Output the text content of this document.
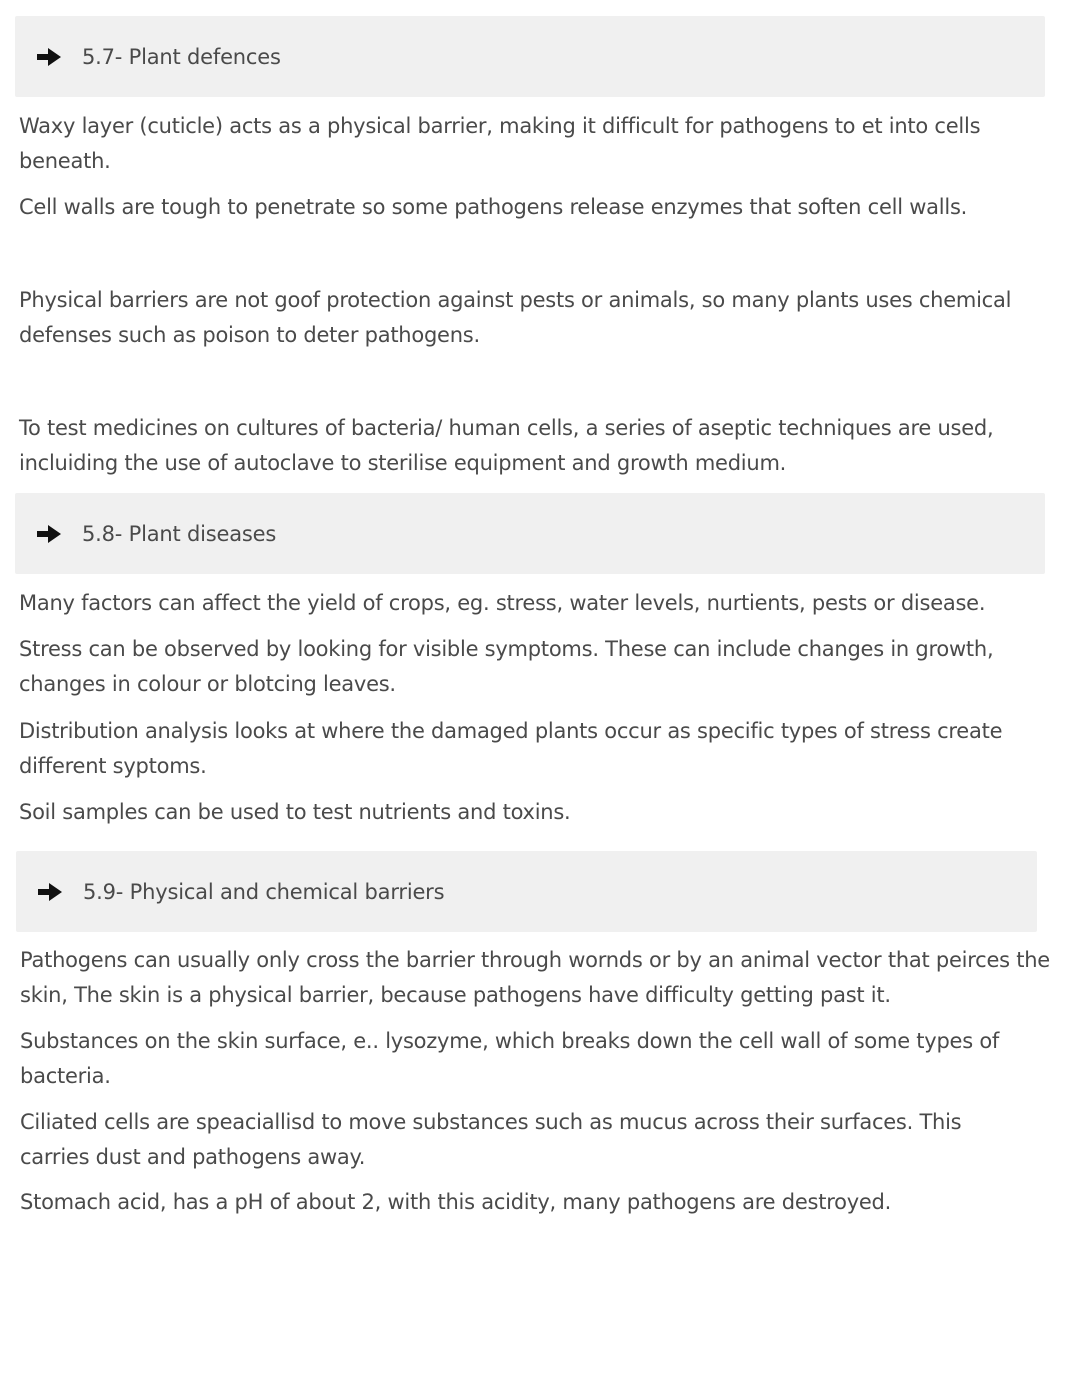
5.7- Plant defences

Waxy layer (cuticle) acts as a physical barrier, making it difficult for pathogens to et into cells beneath.

Cell walls are tough to penetrate so some pathogens release enzymes that soften cell walls.

Physical barriers are not goof protection against pests or animals, so many plants uses chemical defenses such as poison to deter pathogens.

To test medicines on cultures of bacteria/ human cells, a series of aseptic techniques are used, incluiding the use of autoclave to sterilise equipment and growth medium.

5.8- Plant diseases

Many factors can affect the yield of crops, eg. stress, water levels, nurtients, pests or disease.

Stress can be observed by looking for visible symptoms. These can include changes in growth, changes in colour or blotcing leaves.

Distribution analysis looks at where the damaged plants occur as specific types of stress create different syptoms.

Soil samples can be used to test nutrients and toxins.

5.9- Physical and chemical barriers

Pathogens can usually only cross the barrier through wornds or by an animal vector that peirces the skin, The skin is a physical barrier, because pathogens have difficulty getting past it.

Substances on the skin surface, e.. lysozyme, which breaks down the cell wall of some types of bacteria.

Ciliated cells are speaciallisd to move substances such as mucus across their surfaces. This carries dust and pathogens away.

Stomach acid, has a pH of about 2, with this acidity, many pathogens are destroyed.
